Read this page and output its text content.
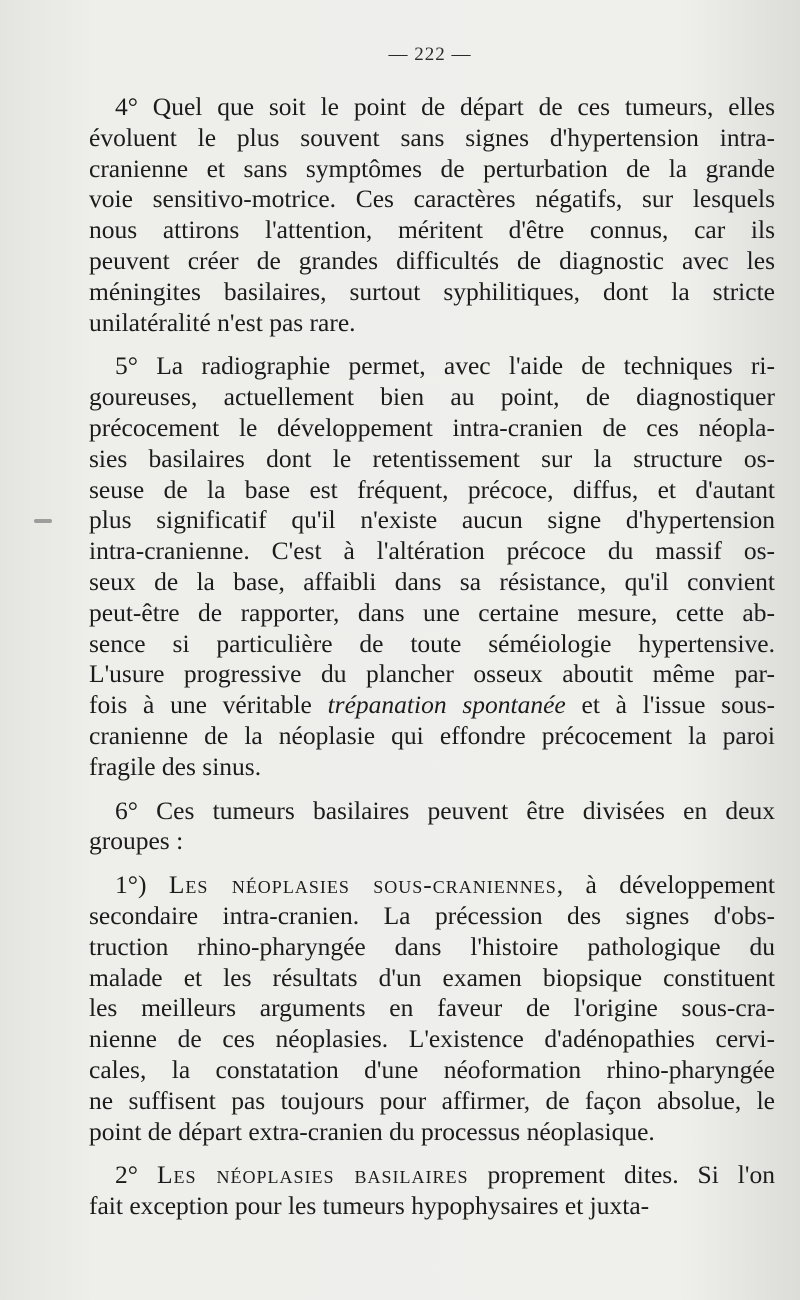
— 222 —
4° Quel que soit le point de départ de ces tumeurs, elles
évoluent le plus souvent sans signes d'hypertension intra-
cranienne et sans symptômes de perturbation de la grande
voie sensitivo-motrice. Ces caractères négatifs, sur lesquels
nous attirons l'attention, méritent d'être connus, car ils
peuvent créer de grandes difficultés de diagnostic avec les
méningites basilaires, surtout syphilitiques, dont la stricte
unilatéralité n'est pas rare.
5° La radiographie permet, avec l'aide de techniques ri-
goureuses, actuellement bien au point, de diagnostiquer
précocement le développement intra-cranien de ces néopla-
sies basilaires dont le retentissement sur la structure os-
seuse de la base est fréquent, précoce, diffus, et d'autant
plus significatif qu'il n'existe aucun signe d'hypertension
intra-cranienne. C'est à l'altération précoce du massif os-
seux de la base, affaibli dans sa résistance, qu'il convient
peut-être de rapporter, dans une certaine mesure, cette ab-
sence si particulière de toute séméiologie hypertensive.
L'usure progressive du plancher osseux aboutit même par-
fois à une véritable trépanation spontanée et à l'issue sous-
cranienne de la néoplasie qui effondre précocement la paroi
fragile des sinus.
6° Ces tumeurs basilaires peuvent être divisées en deux
groupes :
1°) Les néoplasies sous-craniennes, à développement
secondaire intra-cranien. La précession des signes d'obs-
truction rhino-pharyngée dans l'histoire pathologique du
malade et les résultats d'un examen biopsique constituent
les meilleurs arguments en faveur de l'origine sous-cra-
nienne de ces néoplasies. L'existence d'adénopathies cervi-
cales, la constatation d'une néoformation rhino-pharyngée
ne suffisent pas toujours pour affirmer, de façon absolue, le
point de départ extra-cranien du processus néoplasique.
2° Les néoplasies basilaires proprement dites. Si l'on
fait exception pour les tumeurs hypophysaires et juxta-
